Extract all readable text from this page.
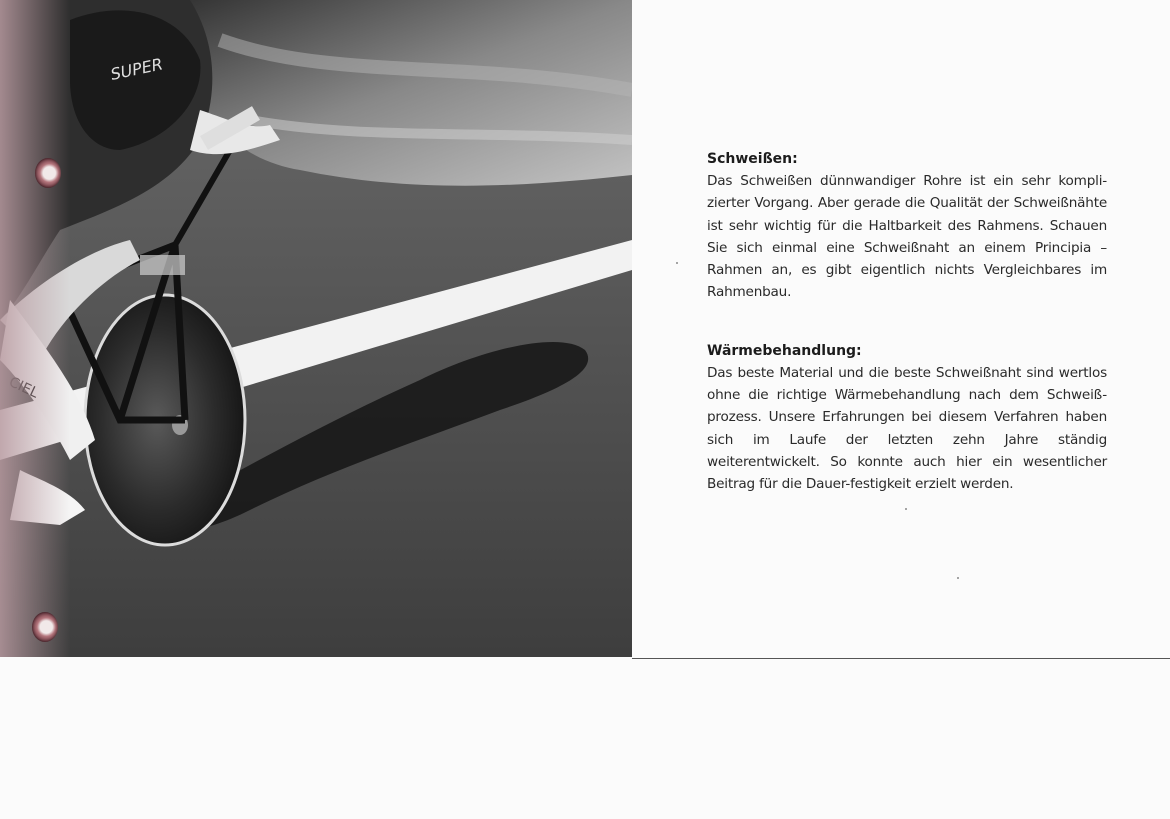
SUPER
Schweißen:

Das Schweißen dünnwandiger Rohre ist ein sehr kompli-zierter Vorgang. Aber gerade die Qualität der Schweißnähte ist sehr wichtig für die Haltbarkeit des Rahmens. Schauen Sie sich einmal eine Schweißnaht an einem Principia – Rahmen an, es gibt eigentlich nichts Vergleichbares im Rahmenbau.

Wärmebehandlung:

Das beste Material und die beste Schweißnaht sind wertlos ohne die richtige Wärmebehandlung nach dem Schweiß-prozess. Unsere Erfahrungen bei diesem Verfahren haben sich im Laufe der letzten zehn Jahre ständig weiterentwickelt. So konnte auch hier ein wesentlicher Beitrag für die Dauer-festigkeit erzielt werden.
